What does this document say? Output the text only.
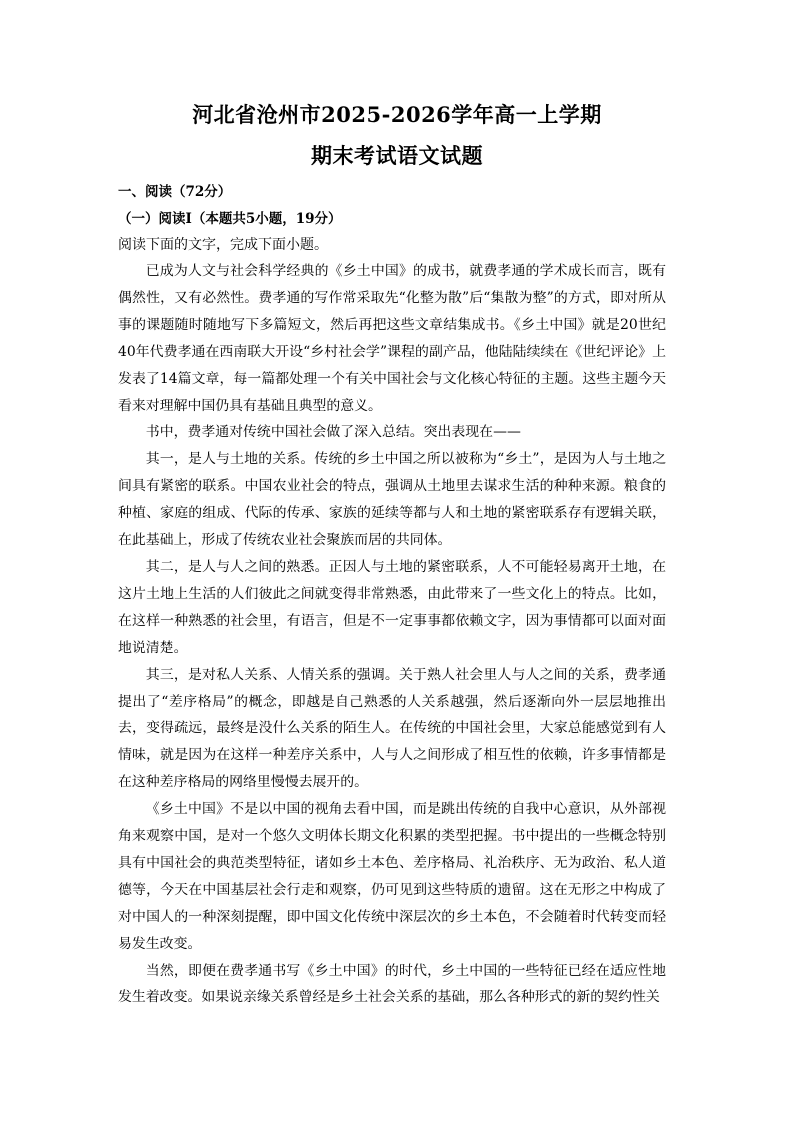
河北省沧州市2025-2026学年高一上学期
期末考试语文试题
一、阅读（72分）
（一）阅读Ⅰ（本题共5小题，19分）
阅读下面的文字，完成下面小题。

已成为人文与社会科学经典的《乡土中国》的成书，就费孝通的学术成长而言，既有偶然性，又有必然性。费孝通的写作常采取先“化整为散”后“集散为整”的方式，即对所从事的课题随时随地写下多篇短文，然后再把这些文章结集成书。《乡土中国》就是20世纪40年代费孝通在西南联大开设“乡村社会学”课程的副产品，他陆陆续续在《世纪评论》上发表了14篇文章，每一篇都处理一个有关中国社会与文化核心特征的主题。这些主题今天看来对理解中国仍具有基础且典型的意义。

书中，费孝通对传统中国社会做了深入总结。突出表现在——

其一，是人与土地的关系。传统的乡土中国之所以被称为“乡土”，是因为人与土地之间具有紧密的联系。中国农业社会的特点，强调从土地里去谋求生活的种种来源。粮食的种植、家庭的组成、代际的传承、家族的延续等都与人和土地的紧密联系存有逻辑关联，在此基础上，形成了传统农业社会聚族而居的共同体。

其二，是人与人之间的熟悉。正因人与土地的紧密联系，人不可能轻易离开土地，在这片土地上生活的人们彼此之间就变得非常熟悉，由此带来了一些文化上的特点。比如，在这样一种熟悉的社会里，有语言，但是不一定事事都依赖文字，因为事情都可以面对面地说清楚。

其三，是对私人关系、人情关系的强调。关于熟人社会里人与人之间的关系，费孝通提出了“差序格局”的概念，即越是自己熟悉的人关系越强，然后逐渐向外一层层地推出去，变得疏远，最终是没什么关系的陌生人。在传统的中国社会里，大家总能感觉到有人情味，就是因为在这样一种差序关系中，人与人之间形成了相互性的依赖，许多事情都是在这种差序格局的网络里慢慢去展开的。

《乡土中国》不是以中国的视角去看中国，而是跳出传统的自我中心意识，从外部视角来观察中国，是对一个悠久文明体长期文化积累的类型把握。书中提出的一些概念特别具有中国社会的典范类型特征，诸如乡土本色、差序格局、礼治秩序、无为政治、私人道德等，今天在中国基层社会行走和观察，仍可见到这些特质的遗留。这在无形之中构成了对中国人的一种深刻提醒，即中国文化传统中深层次的乡土本色，不会随着时代转变而轻易发生改变。

当然，即便在费孝通书写《乡土中国》的时代，乡土中国的一些特征已经在适应性地发生着改变。如果说亲缘关系曾经是乡土社会关系的基础，那么各种形式的新的契约性关
